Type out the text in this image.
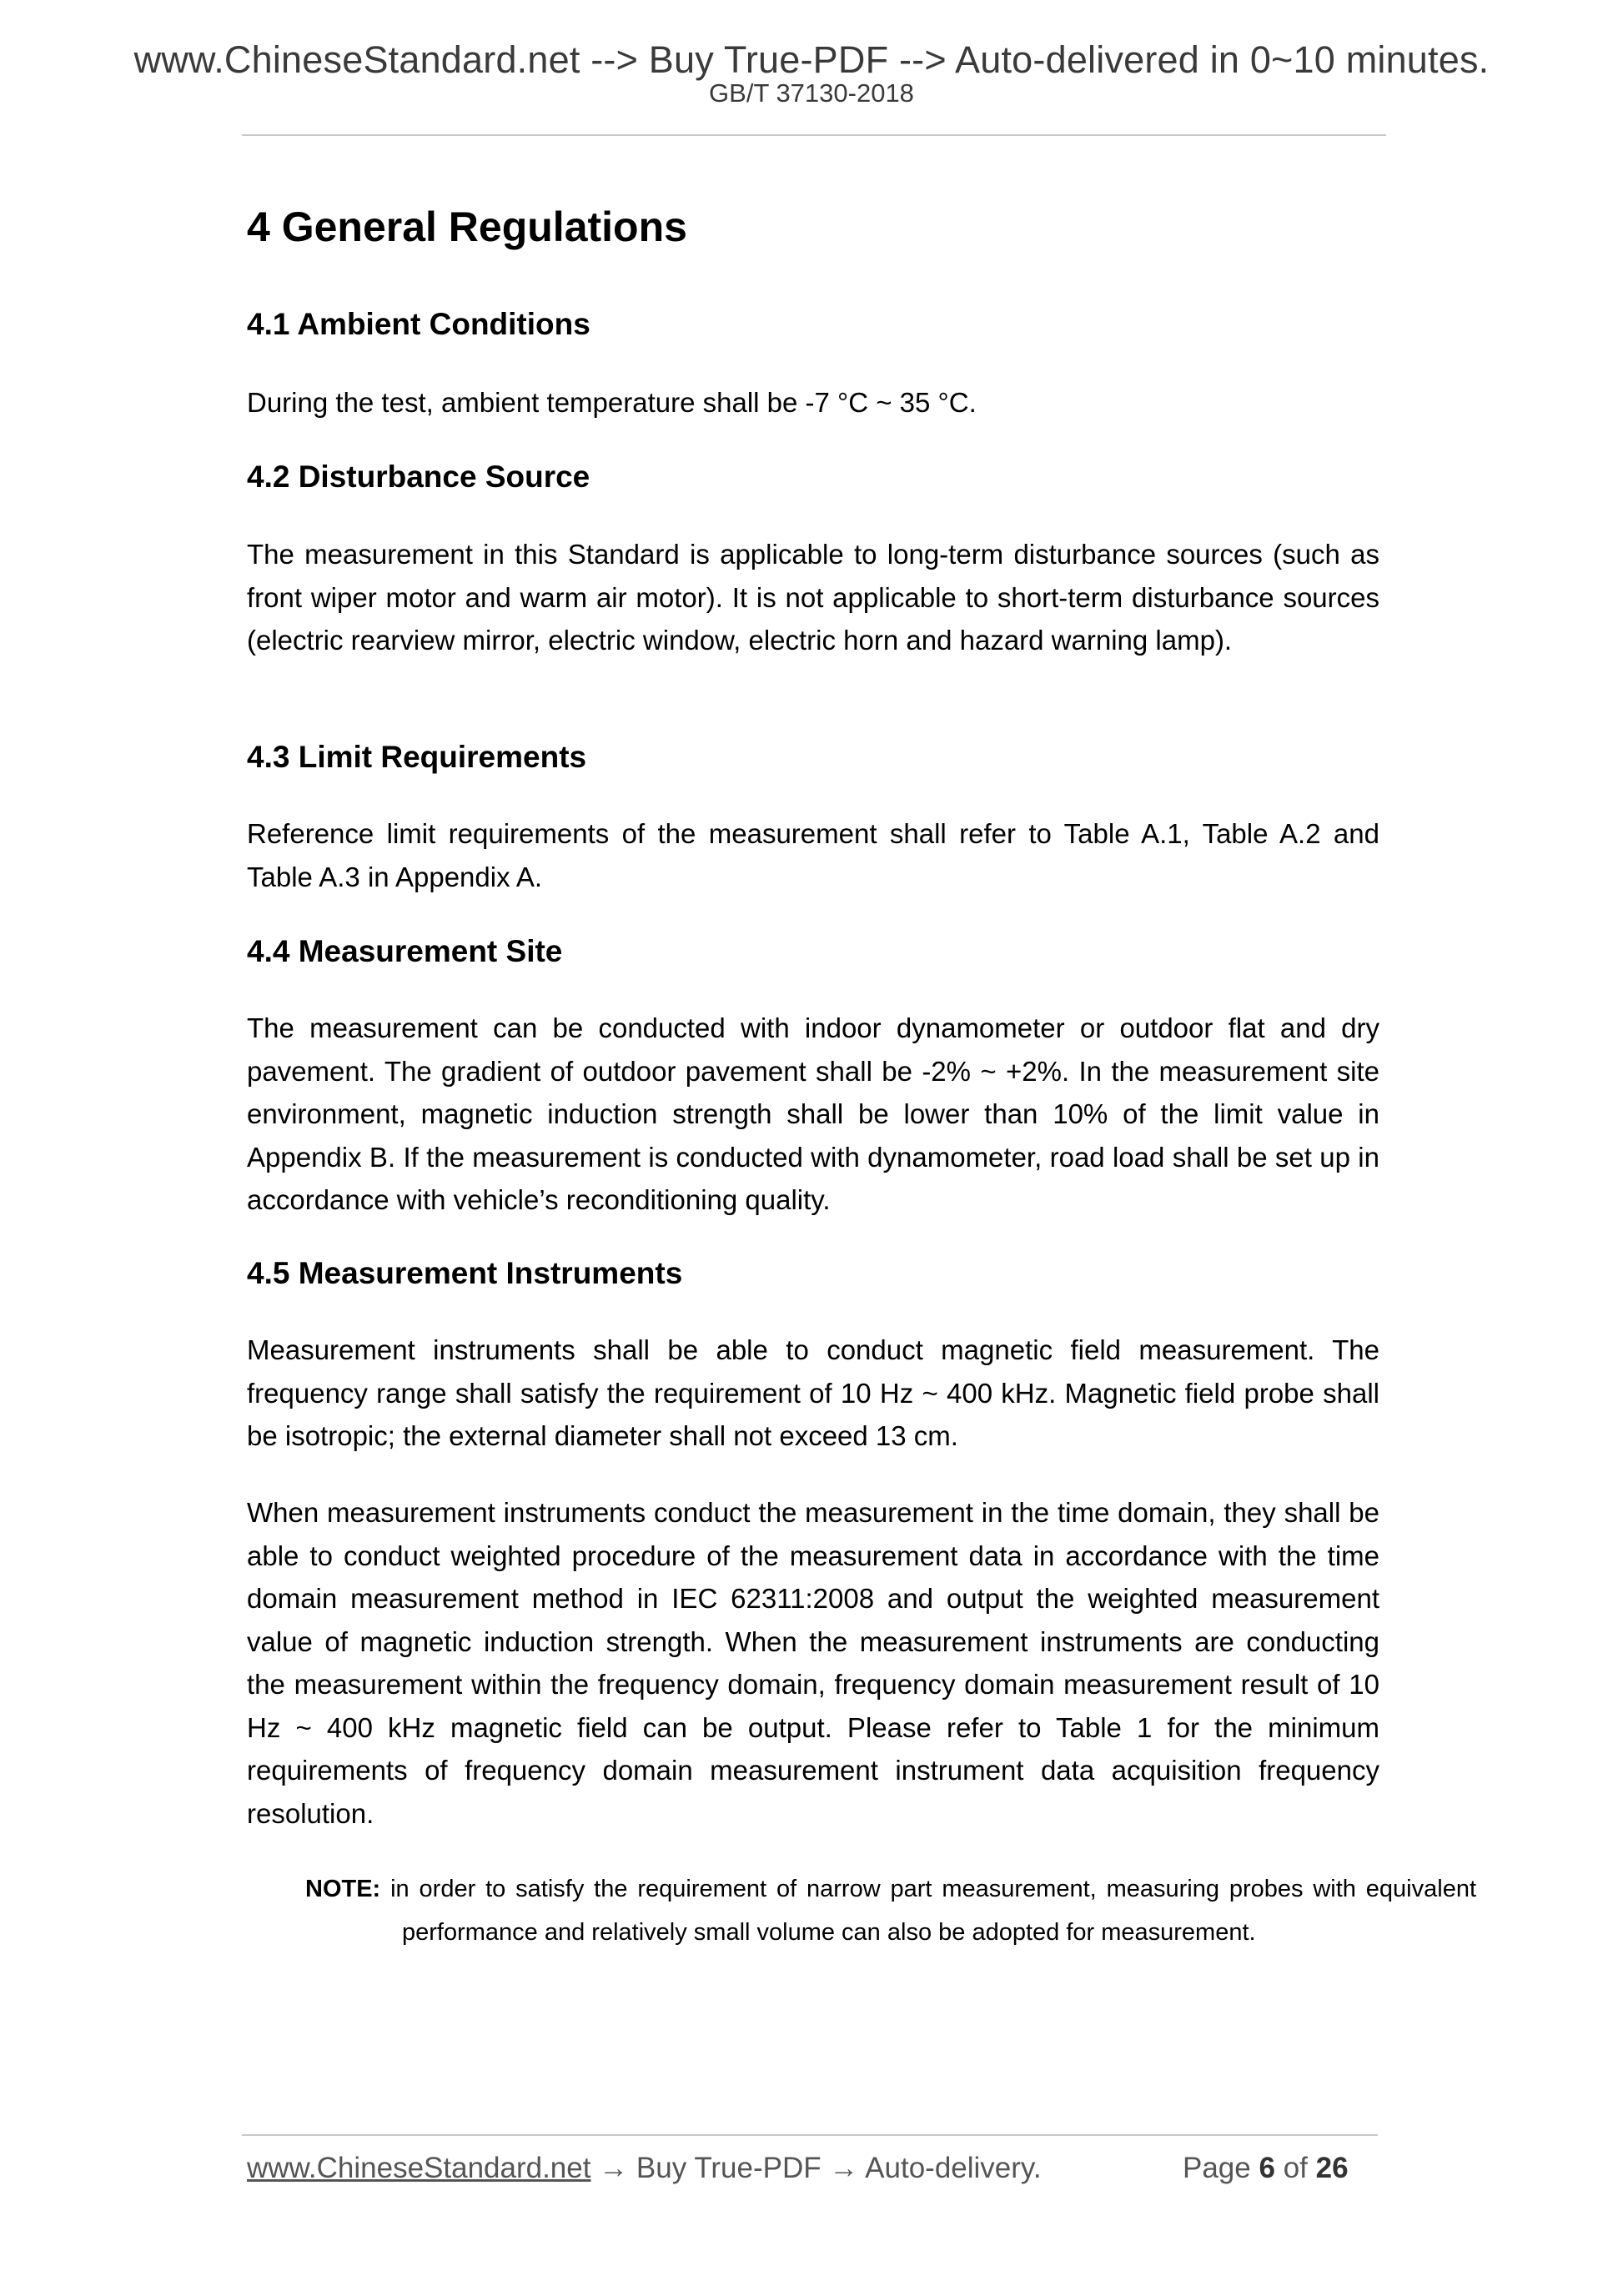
www.ChineseStandard.net --> Buy True-PDF --> Auto-delivered in 0~10 minutes.
GB/T 37130-2018
4 General Regulations
4.1 Ambient Conditions

During the test, ambient temperature shall be -7 °C ~ 35 °C.

4.2 Disturbance Source

The measurement in this Standard is applicable to long-term disturbance sources (such as front wiper motor and warm air motor). It is not applicable to short-term disturbance sources (electric rearview mirror, electric window, electric horn and hazard warning lamp).

4.3 Limit Requirements

Reference limit requirements of the measurement shall refer to Table A.1, Table A.2 and Table A.3 in Appendix A.

4.4 Measurement Site

The measurement can be conducted with indoor dynamometer or outdoor flat and dry pavement. The gradient of outdoor pavement shall be -2% ~ +2%. In the measurement site environment, magnetic induction strength shall be lower than 10% of the limit value in Appendix B. If the measurement is conducted with dynamometer, road load shall be set up in accordance with vehicle’s reconditioning quality.

4.5 Measurement Instruments

Measurement instruments shall be able to conduct magnetic field measurement. The frequency range shall satisfy the requirement of 10 Hz ~ 400 kHz. Magnetic field probe shall be isotropic; the external diameter shall not exceed 13 cm.

When measurement instruments conduct the measurement in the time domain, they shall be able to conduct weighted procedure of the measurement data in accordance with the time domain measurement method in IEC 62311:2008 and output the weighted measurement value of magnetic induction strength. When the measurement instruments are conducting the measurement within the frequency domain, frequency domain measurement result of 10 Hz ~ 400 kHz magnetic field can be output. Please refer to Table 1 for the minimum requirements of frequency domain measurement instrument data acquisition frequency resolution.

NOTE: in order to satisfy the requirement of narrow part measurement, measuring probes with equivalent performance and relatively small volume can also be adopted for measurement.

www.ChineseStandard.net → Buy True-PDF → Auto-delivery.	Page 6 of 26
